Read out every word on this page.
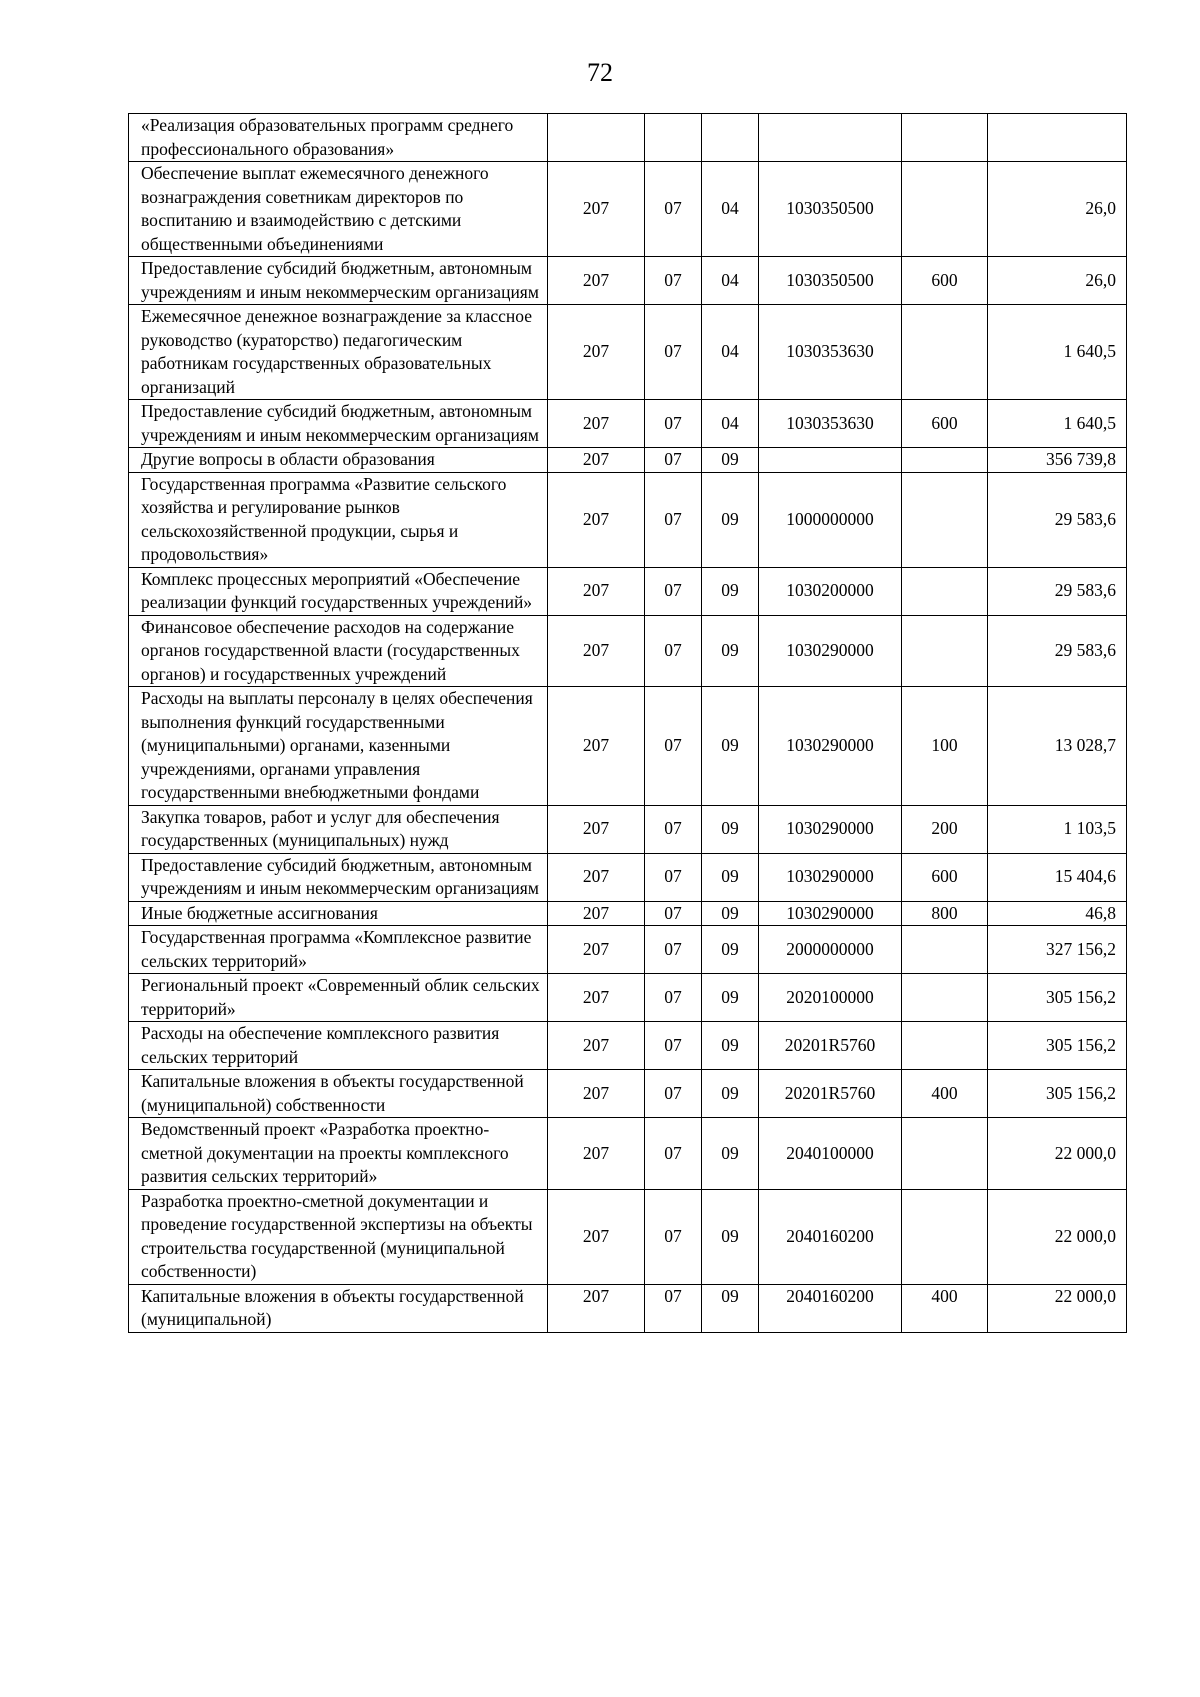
72
«Реализация образовательных программ среднего профессионального образования»						
Обеспечение выплат ежемесячного денежного вознаграждения советникам директоров по воспитанию и взаимодействию с детскими общественными объединениями	207	07	04	1030350500		26,0
Предоставление субсидий бюджетным, автономным учреждениям и иным некоммерческим организациям	207	07	04	1030350500	600	26,0
Ежемесячное денежное вознаграждение за классное руководство (кураторство) педагогическим работникам государственных образовательных организаций	207	07	04	1030353630		1 640,5
Предоставление субсидий бюджетным, автономным учреждениям и иным некоммерческим организациям	207	07	04	1030353630	600	1 640,5
Другие вопросы в области образования	207	07	09			356 739,8
Государственная программа «Развитие сельского хозяйства и регулирование рынков сельскохозяйственной продукции, сырья и продовольствия»	207	07	09	1000000000		29 583,6
Комплекс процессных мероприятий «Обеспечение реализации функций государственных учреждений»	207	07	09	1030200000		29 583,6
Финансовое обеспечение расходов на содержание органов государственной власти (государственных органов) и государственных учреждений	207	07	09	1030290000		29 583,6
Расходы на выплаты персоналу в целях обеспечения выполнения функций государственными (муниципальными) органами, казенными учреждениями, органами управления государственными внебюджетными фондами	207	07	09	1030290000	100	13 028,7
Закупка товаров, работ и услуг для обеспечения государственных (муниципальных) нужд	207	07	09	1030290000	200	1 103,5
Предоставление субсидий бюджетным, автономным учреждениям и иным некоммерческим организациям	207	07	09	1030290000	600	15 404,6
Иные бюджетные ассигнования	207	07	09	1030290000	800	46,8
Государственная программа «Комплексное развитие сельских территорий»	207	07	09	2000000000		327 156,2
Региональный проект «Современный облик сельских территорий»	207	07	09	2020100000		305 156,2
Расходы на обеспечение комплексного развития сельских территорий	207	07	09	20201R5760		305 156,2
Капитальные вложения в объекты государственной (муниципальной) собственности	207	07	09	20201R5760	400	305 156,2
Ведомственный проект «Разработка проектно-сметной документации на проекты комплексного развития сельских территорий»	207	07	09	2040100000		22 000,0
Разработка проектно-сметной документации и проведение государственной экспертизы на объекты строительства государственной (муниципальной собственности)	207	07	09	2040160200		22 000,0
Капитальные вложения в объекты государственной (муниципальной)	207	07	09	2040160200	400	22 000,0
